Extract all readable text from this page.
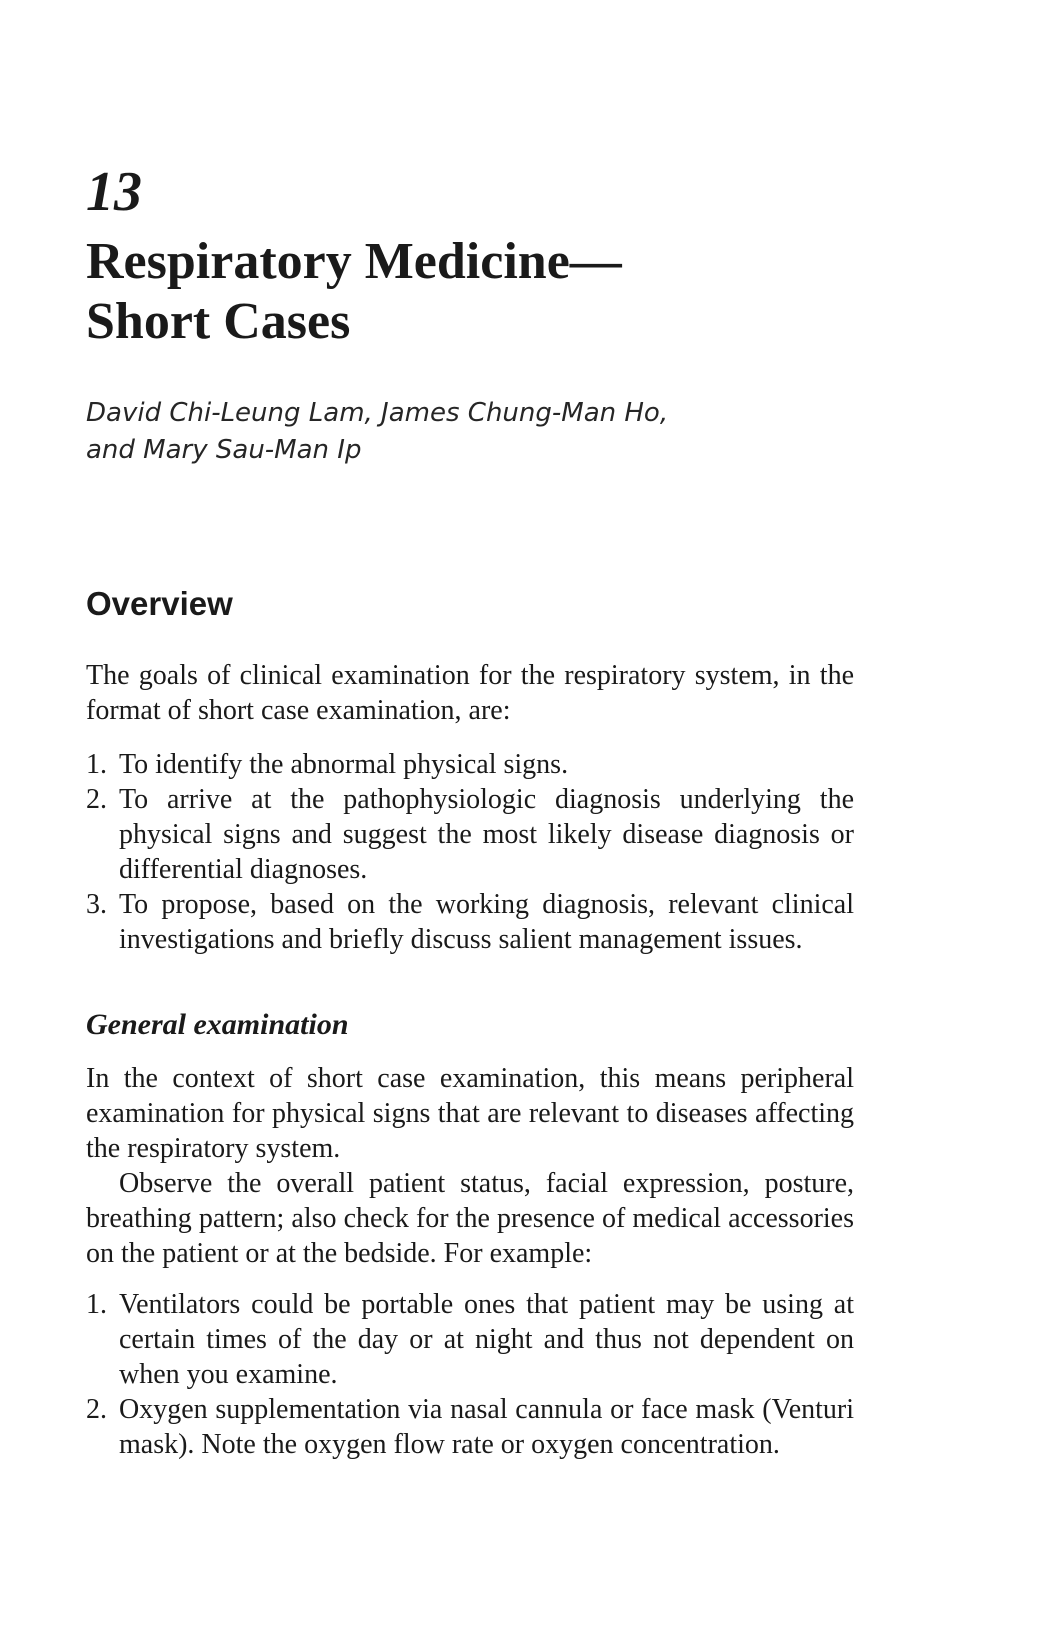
13
Respiratory Medicine—
Short Cases

David Chi-Leung Lam, James Chung-Man Ho,
and Mary Sau-Man Ip

Overview

The goals of clinical examination for the respiratory system, in the format of short case examination, are:

1. To identify the abnormal physical signs.
2. To arrive at the pathophysiologic diagnosis underlying the physical signs and suggest the most likely disease diagnosis or differential diagnoses.
3. To propose, based on the working diagnosis, relevant clinical investigations and briefly discuss salient management issues.
General examination

In the context of short case examination, this means peripheral examination for physical signs that are relevant to diseases affecting the respiratory system.

Observe the overall patient status, facial expression, posture, breathing pattern; also check for the presence of medical accessories on the patient or at the bedside. For example:

1. Ventilators could be portable ones that patient may be using at certain times of the day or at night and thus not dependent on when you examine.
2. Oxygen supplementation via nasal cannula or face mask (Venturi mask). Note the oxygen flow rate or oxygen concentration.
